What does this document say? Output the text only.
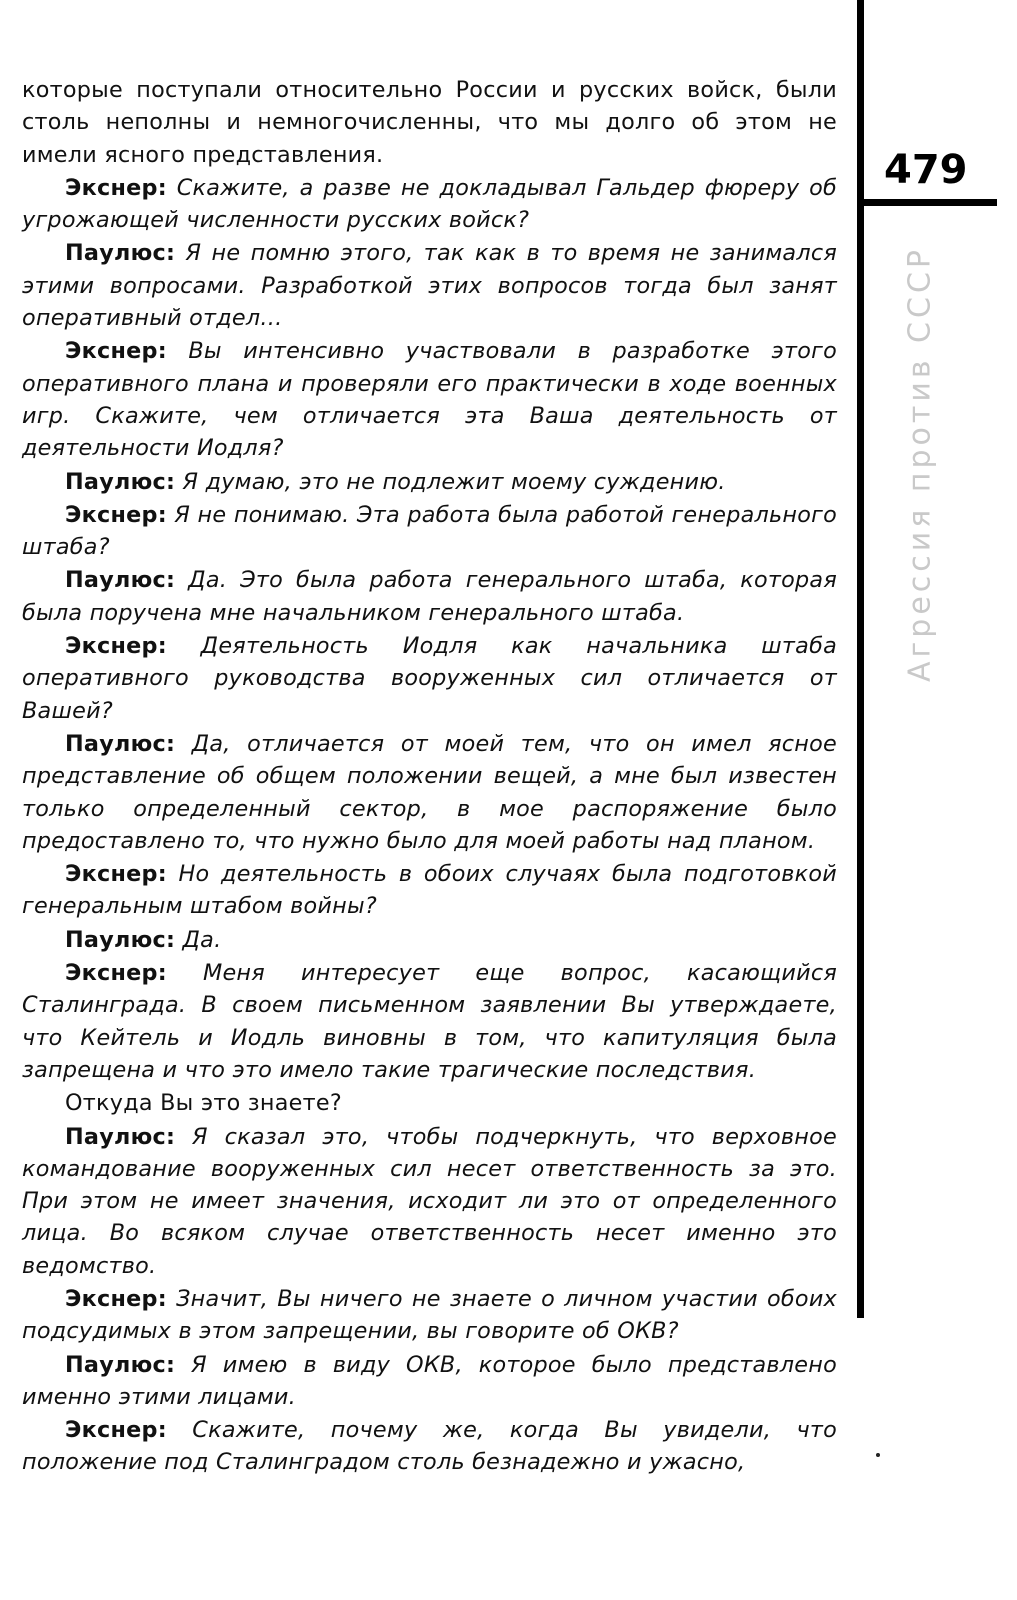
которые поступали относительно России и русских войск, были столь неполны и немногочисленны, что мы долго об этом не имели ясного представления.

Экснер: Скажите, а разве не докладывал Гальдер фюреру об угрожающей численности русских войск?

Паулюс: Я не помню этого, так как в то время не занимался этими вопросами. Разработкой этих вопросов тогда был занят оперативный отдел...

Экснер: Вы интенсивно участвовали в разработке этого оперативного плана и проверяли его практически в ходе военных игр. Скажите, чем отличается эта Ваша деятельность от деятельности Иодля?

Паулюс: Я думаю, это не подлежит моему суждению.

Экснер: Я не понимаю. Эта работа была работой генерального штаба?

Паулюс: Да. Это была работа генерального штаба, которая была поручена мне начальником генерального штаба.

Экснер: Деятельность Иодля как начальника штаба оперативного руководства вооруженных сил отличается от Вашей?

Паулюс: Да, отличается от моей тем, что он имел ясное представление об общем положении вещей, а мне был известен только определенный сектор, в мое распоряжение было предоставлено то, что нужно было для моей работы над планом.

Экснер: Но деятельность в обоих случаях была подготовкой генеральным штабом войны?

Паулюс: Да.

Экснер: Меня интересует еще вопрос, касающийся Сталинграда. В своем письменном заявлении Вы утверждаете, что Кейтель и Иодль виновны в том, что капитуляция была запрещена и что это имело такие трагические последствия.

Откуда Вы это знаете?

Паулюс: Я сказал это, чтобы подчеркнуть, что верховное командование вооруженных сил несет ответственность за это. При этом не имеет значения, исходит ли это от определенного лица. Во всяком случае ответственность несет именно это ведомство.

Экснер: Значит, Вы ничего не знаете о личном участии обоих подсудимых в этом запрещении, вы говорите об ОКВ?

Паулюс: Я имею в виду ОКВ, которое было представлено именно этими лицами.

Экснер: Скажите, почему же, когда Вы увидели, что положение под Сталинградом столь безнадежно и ужасно,

479
Агрессия против СССР
